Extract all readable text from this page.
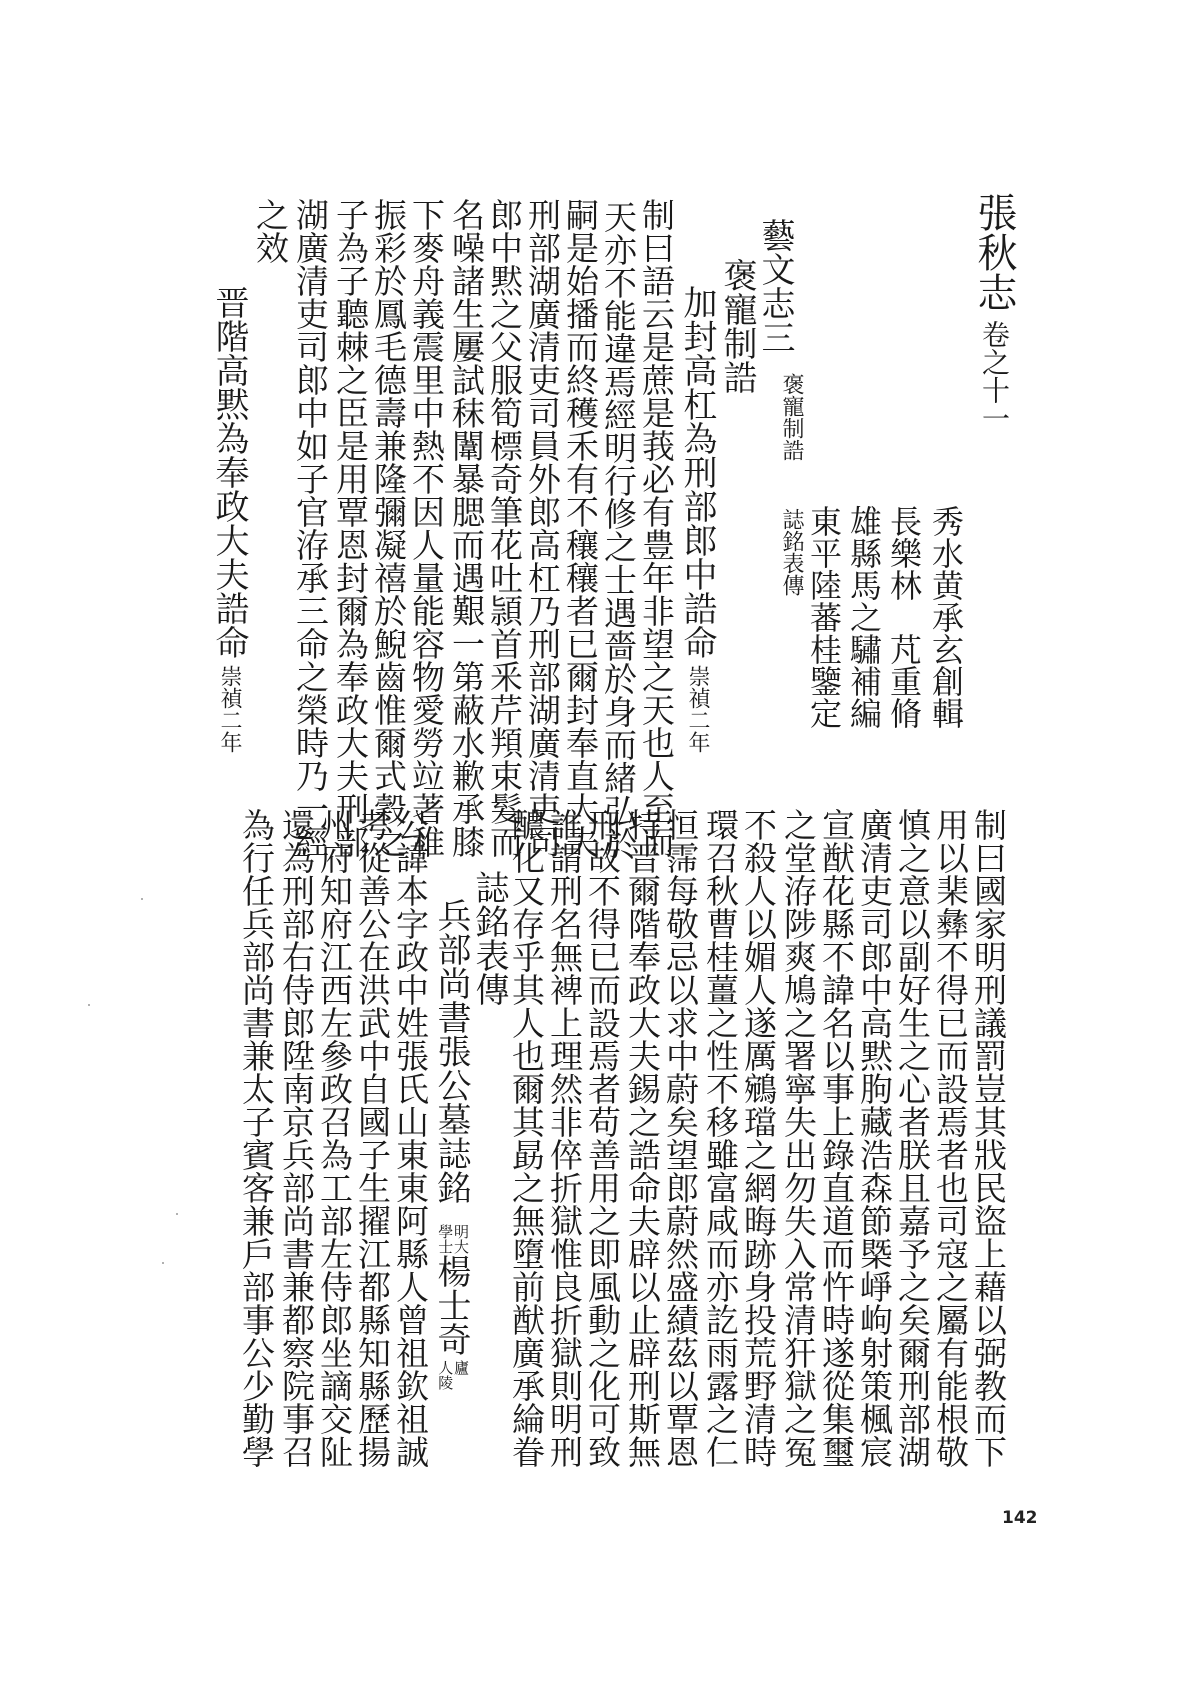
張秋志卷之十一
褒寵制誥
誌銘表傳	秀水黄承玄創輯
長樂林　芃重脩
雄縣馬之驌補編
東平陸蕃桂鑒定
藝文志三
褒寵制誥
加封高杠為刑部郎中誥命崇禎二年
制曰語云是蔗是莪必有豊年非望之天也人至而
天亦不能違焉經明行修之士遇嗇於身而緒弘於
嗣是始播而終穫禾有不穰穰者已爾封奉直大夫
刑部湖廣清吏司員外郎高杠乃刑部湖廣清吏司
郎中黙之父服筍標奇筆花吐頴首釆芹頖束髮而
名噪諸生屢試秣闈暴腮而遇艱一第蔽水歉承膝
下麥舟義震里中熱不因人量能容物愛勞竝著稚
振彩於鳳毛德壽兼隆彌凝禧於鯢齒惟爾式穀之
子為子聽棘之臣是用覃恩封爾為奉政大夫刑部
湖廣清吏司郎中如子官洊承三命之榮時乃一經
之效
晋階高黙為奉政大夫誥命崇禎二年
制曰國家明刑議罰豈其戕民盜上藉以弼教而下
用以棐彝不得已而設焉者也司寇之屬有能根敬
慎之意以副好生之心者朕且嘉予之矣爾刑部湖
廣清吏司郎中高黙朐藏浩森節槩崢岣射策楓宸
宣猷花縣不諱名以事上錄直道而忤時遂從集璽
之堂洊陟爽鳩之署寧失出勿失入常清犴獄之冤
不殺人以媚人遂厲鵷璫之網晦跡身投荒野清時
環召秋曹桂薑之性不移雖富咸而亦訖雨露之仁
恒霈每敬忌以求中蔚矣望郎蔚然盛績茲以覃恩
特晋爾階奉政大夫錫之誥命夫辟以止辟刑斯無
刑故不得已而設焉者苟善用之即風動之化可致
誰謂刑名無裨上理然非倅折獄惟良折獄則明刑
醲化又存乎其人也爾其勗之無墮前猷廣承綸眷
誌銘表傳
兵部尚書張公墓誌銘
明大
學士
楊士奇
廬
人陵
公諱本字政中姓張氏山東東阿縣人曾祖欽祖誠
考從善公在洪武中自國子生擢江都縣知縣歷揚
州府知府江西左參政召為工部左侍郎坐謫交阯
還為刑部右侍郎陞南京兵部尚書兼都察院事召
為行任兵部尚書兼太子賓客兼戶部事公少勤學
142
